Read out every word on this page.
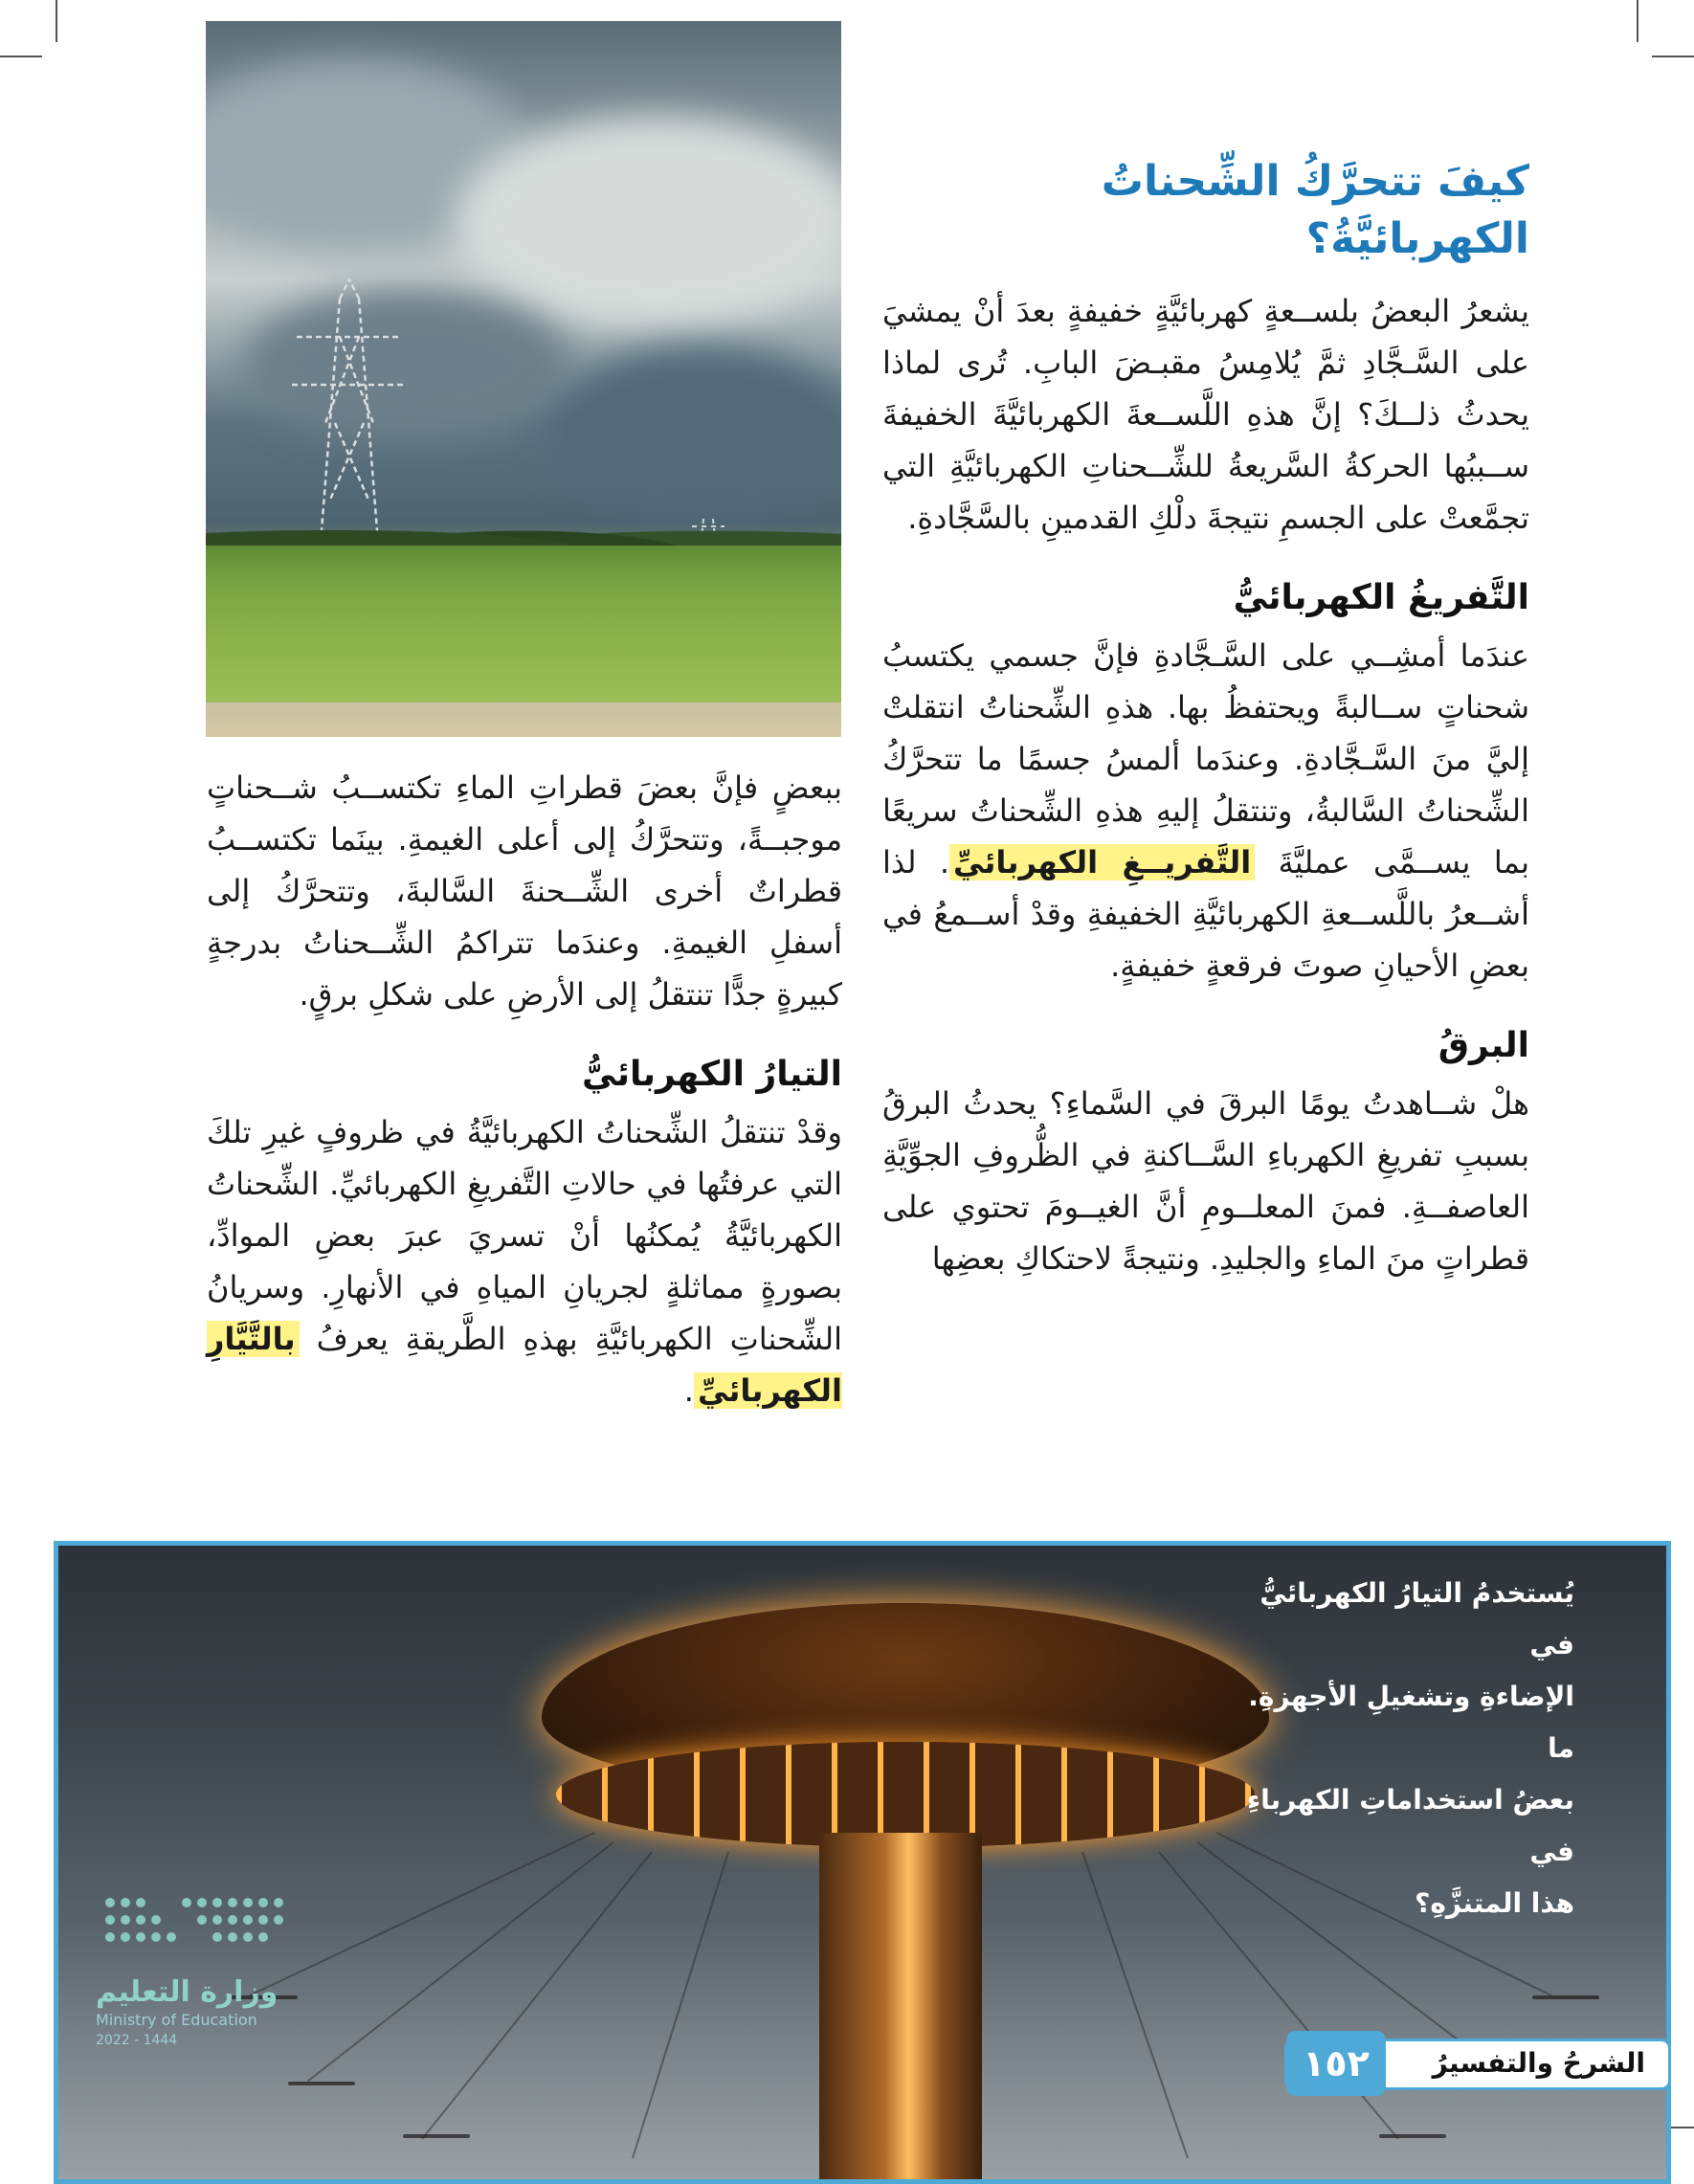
كيفَ تتحرَّكُ الشِّحناتُ الكهربائيَّةُ؟

يشعرُ البعضُ بلســعةٍ كهربائيَّةٍ خفيفةٍ بعدَ أنْ يمشيَ على السَّـجَّادِ ثمَّ يُلامِسُ مقبـضَ البابِ. تُرى لماذا يحدثُ ذلــكَ؟ إنَّ هذهِ اللَّســعةَ الكهربائيَّةَ الخفيفةَ ســببُها الحركةُ السَّريعةُ للشِّــحناتِ الكهربائيَّةِ التي تجمَّعتْ على الجسمِ نتيجةَ دلْكِ القدمينِ بالسَّجَّادةِ.

التَّفريغُ الكهربائيُّ

عندَما أمشِــي على السَّـجَّادةِ فإنَّ جسمي يكتسبُ شحناتٍ ســالبةً ويحتفظُ بها. هذهِ الشِّحناتُ انتقلتْ إليَّ منَ السَّـجَّادةِ. وعندَما ألمسُ جسمًا ما تتحرَّكُ الشِّحناتُ السَّالبةُ، وتنتقلُ إليهِ هذهِ الشِّحناتُ سريعًا بما يســمَّى عمليَّةَ التَّفريــغِ الكهربائيِّ. لذا أشــعرُ باللَّســعةِ الكهربائيَّةِ الخفيفةِ وقدْ أســمعُ في بعضِ الأحيانِ صوتَ فرقعةٍ خفيفةٍ.

البرقُ

هلْ شــاهدتُ يومًا البرقَ في السَّماءِ؟ يحدثُ البرقُ بسببِ تفريغِ الكهرباءِ السَّــاكنةِ في الظُّروفِ الجوِّيَّةِ العاصفــةِ. فمنَ المعلــومِ أنَّ الغيــومَ تحتوي على قطراتٍ منَ الماءِ والجليدِ. ونتيجةً لاحتكاكِ بعضِها

ببعضٍ فإنَّ بعضَ قطراتِ الماءِ تكتســبُ شــحناتٍ موجبــةً، وتتحرَّكُ إلى أعلى الغيمةِ. بينَما تكتســبُ قطراتٌ أخرى الشِّــحنةَ السَّالبةَ، وتتحرَّكُ إلى أسفلِ الغيمةِ. وعندَما تتراكمُ الشِّــحناتُ بدرجةٍ كبيرةٍ جدًّا تنتقلُ إلى الأرضِ على شكلِ برقٍ.

التيارُ الكهربائيُّ

وقدْ تنتقلُ الشِّحناتُ الكهربائيَّةُ في ظروفٍ غيرِ تلكَ التي عرفتُها في حالاتِ التَّفريغِ الكهربائيِّ. الشِّحناتُ الكهربائيَّةُ يُمكنُها أنْ تسريَ عبرَ بعضِ الموادِّ، بصورةٍ مماثلةٍ لجريانِ المياهِ في الأنهارِ. وسريانُ الشِّحناتِ الكهربائيَّةِ بهذهِ الطَّريقةِ يعرفُ بالتَّيَّارِ الكهربائيِّ.

يُستخدمُ التيارُ الكهربائيُّ في
الإضاءةِ وتشغيلِ الأجهزةِ. ما
بعضُ استخداماتِ الكهرباءِ في
هذا المتنزَّهِ؟
وزارة التعليم
Ministry of Education
2022 - 1444
الشرحُ والتفسيرُ
١٥٢
